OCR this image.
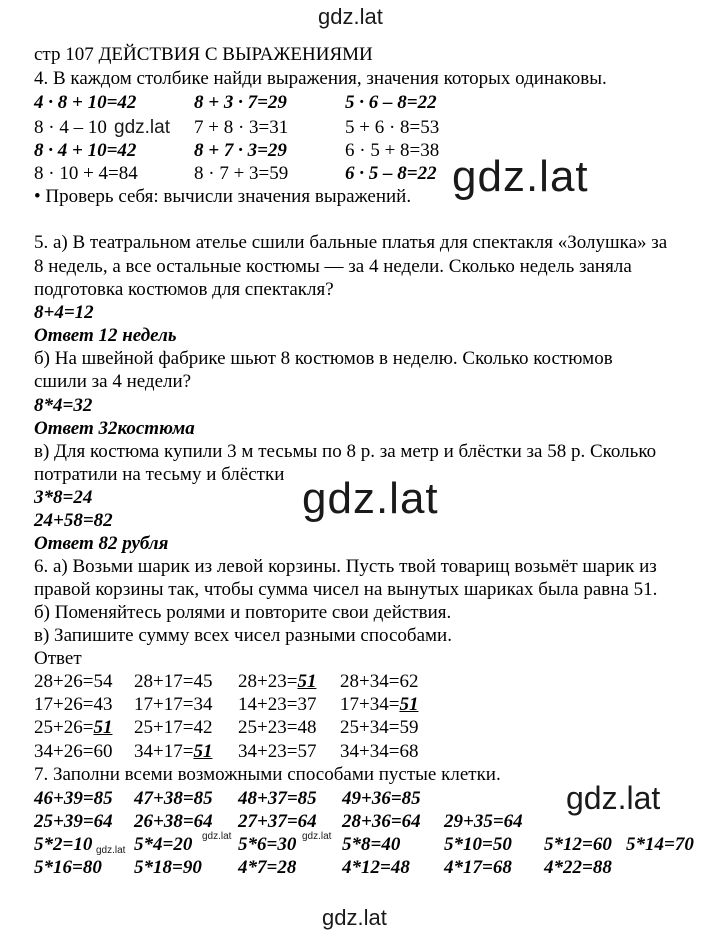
gdz.lat
gdz.lat
gdz.lat
gdz.lat
gdz.lat
gdz.lat
стр 107 ДЕЙСТВИЯ С ВЫРАЖЕНИЯМИ
4. В каждом столбике найди выражения, значения которых одинаковы.
4 · 8 + 10=42	8 + 3 · 7=29	5 · 6 – 8=22
8 · 4 – 10	7 + 8 · 3=31	5 + 6 · 8=53
8 · 4 + 10=42	8 + 7 · 3=29	6 · 5 + 8=38
8 · 10 + 4=84	8 · 7 + 3=59	6 · 5 – 8=22
• Проверь себя: вычисли значения выражений.
5. а) В театральном ателье сшили бальные платья для спектакля «Золушка» за
8 недель, а все остальные костюмы — за 4 недели. Сколько недель заняла
подготовка костюмов для спектакля?
8+4=12
Ответ 12 недель
б) На швейной фабрике шьют 8 костюмов в неделю. Сколько костюмов
сшили за 4 недели?
8*4=32
Ответ 32костюма
в) Для костюма купили 3 м тесьмы по 8 р. за метр и блёстки за 58 р. Сколько
потратили на тесьму и блёстки
3*8=24
24+58=82
Ответ 82 рубля
6. а) Возьми шарик из левой корзины. Пусть твой товарищ возьмёт шарик из
правой корзины так, чтобы сумма чисел на вынутых шариках была равна 51.
б) Поменяйтесь ролями и повторите свои действия.
в) Запишите сумму всех чисел разными способами.
Ответ
28+26=54 28+17=45 28+23=51 28+34=62
17+26=43 17+17=34 14+23=37 17+34=51
25+26=51 25+17=42 25+23=48 25+34=59
34+26=60 34+17=51 34+23=57 34+34=68
7. Заполни всеми возможными способами пустые клетки.
46+39=85 47+38=85 48+37=85 49+36=85
25+39=64 26+38=64 27+37=64 28+36=64 29+35=64
5*2=10 5*4=20 5*6=30 5*8=40 5*10=50 5*12=60 5*14=70
5*16=80 5*18=90 4*7=28 4*12=48 4*17=68 4*22=88
gdz.lat
gdz.lat	gdz.lat
